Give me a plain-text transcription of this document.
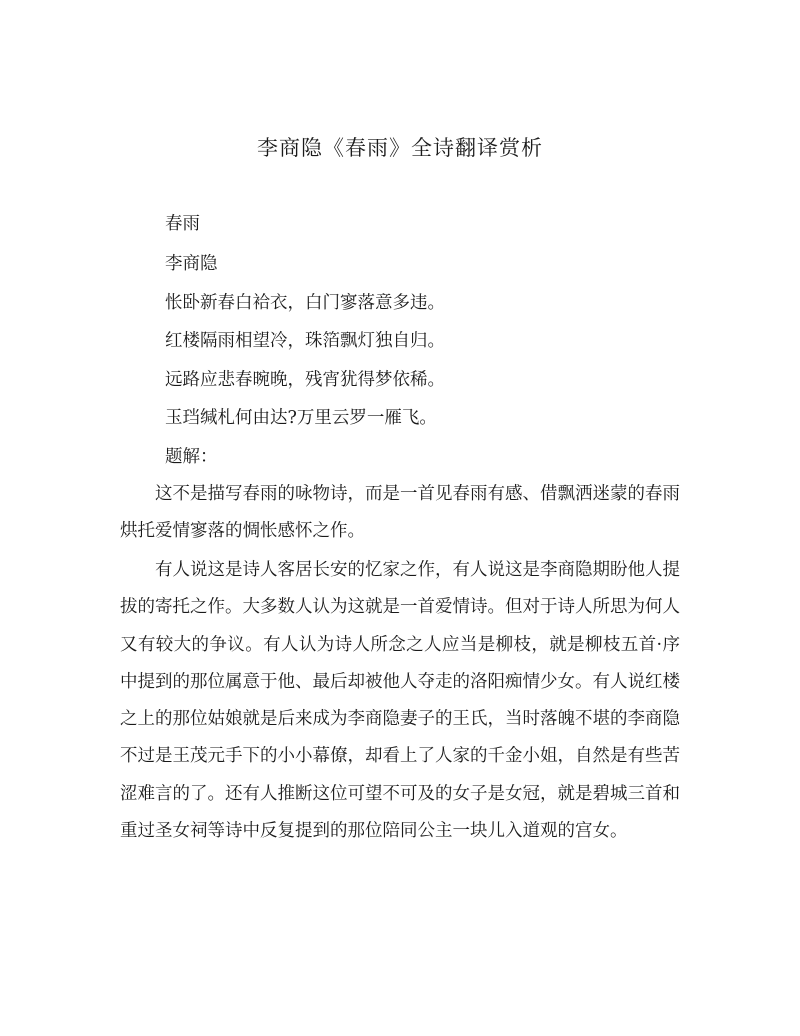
李商隐《春雨》全诗翻译赏析
春雨
李商隐
怅卧新春白袷衣，白门寥落意多违。
红楼隔雨相望冷，珠箔飘灯独自归。
远路应悲春晼晚，残宵犹得梦依稀。
玉珰缄札何由达?万里云罗一雁飞。
题解：
这不是描写春雨的咏物诗，而是一首见春雨有感、借飘洒迷蒙的春雨烘托爱情寥落的惆怅感怀之作。
有人说这是诗人客居长安的忆家之作，有人说这是李商隐期盼他人提拔的寄托之作。大多数人认为这就是一首爱情诗。但对于诗人所思为何人又有较大的争议。有人认为诗人所念之人应当是柳枝，就是柳枝五首·序中提到的那位属意于他、最后却被他人夺走的洛阳痴情少女。有人说红楼之上的那位姑娘就是后来成为李商隐妻子的王氏，当时落魄不堪的李商隐不过是王茂元手下的小小幕僚，却看上了人家的千金小姐，自然是有些苦涩难言的了。还有人推断这位可望不可及的女子是女冠，就是碧城三首和重过圣女祠等诗中反复提到的那位陪同公主一块儿入道观的宫女。
